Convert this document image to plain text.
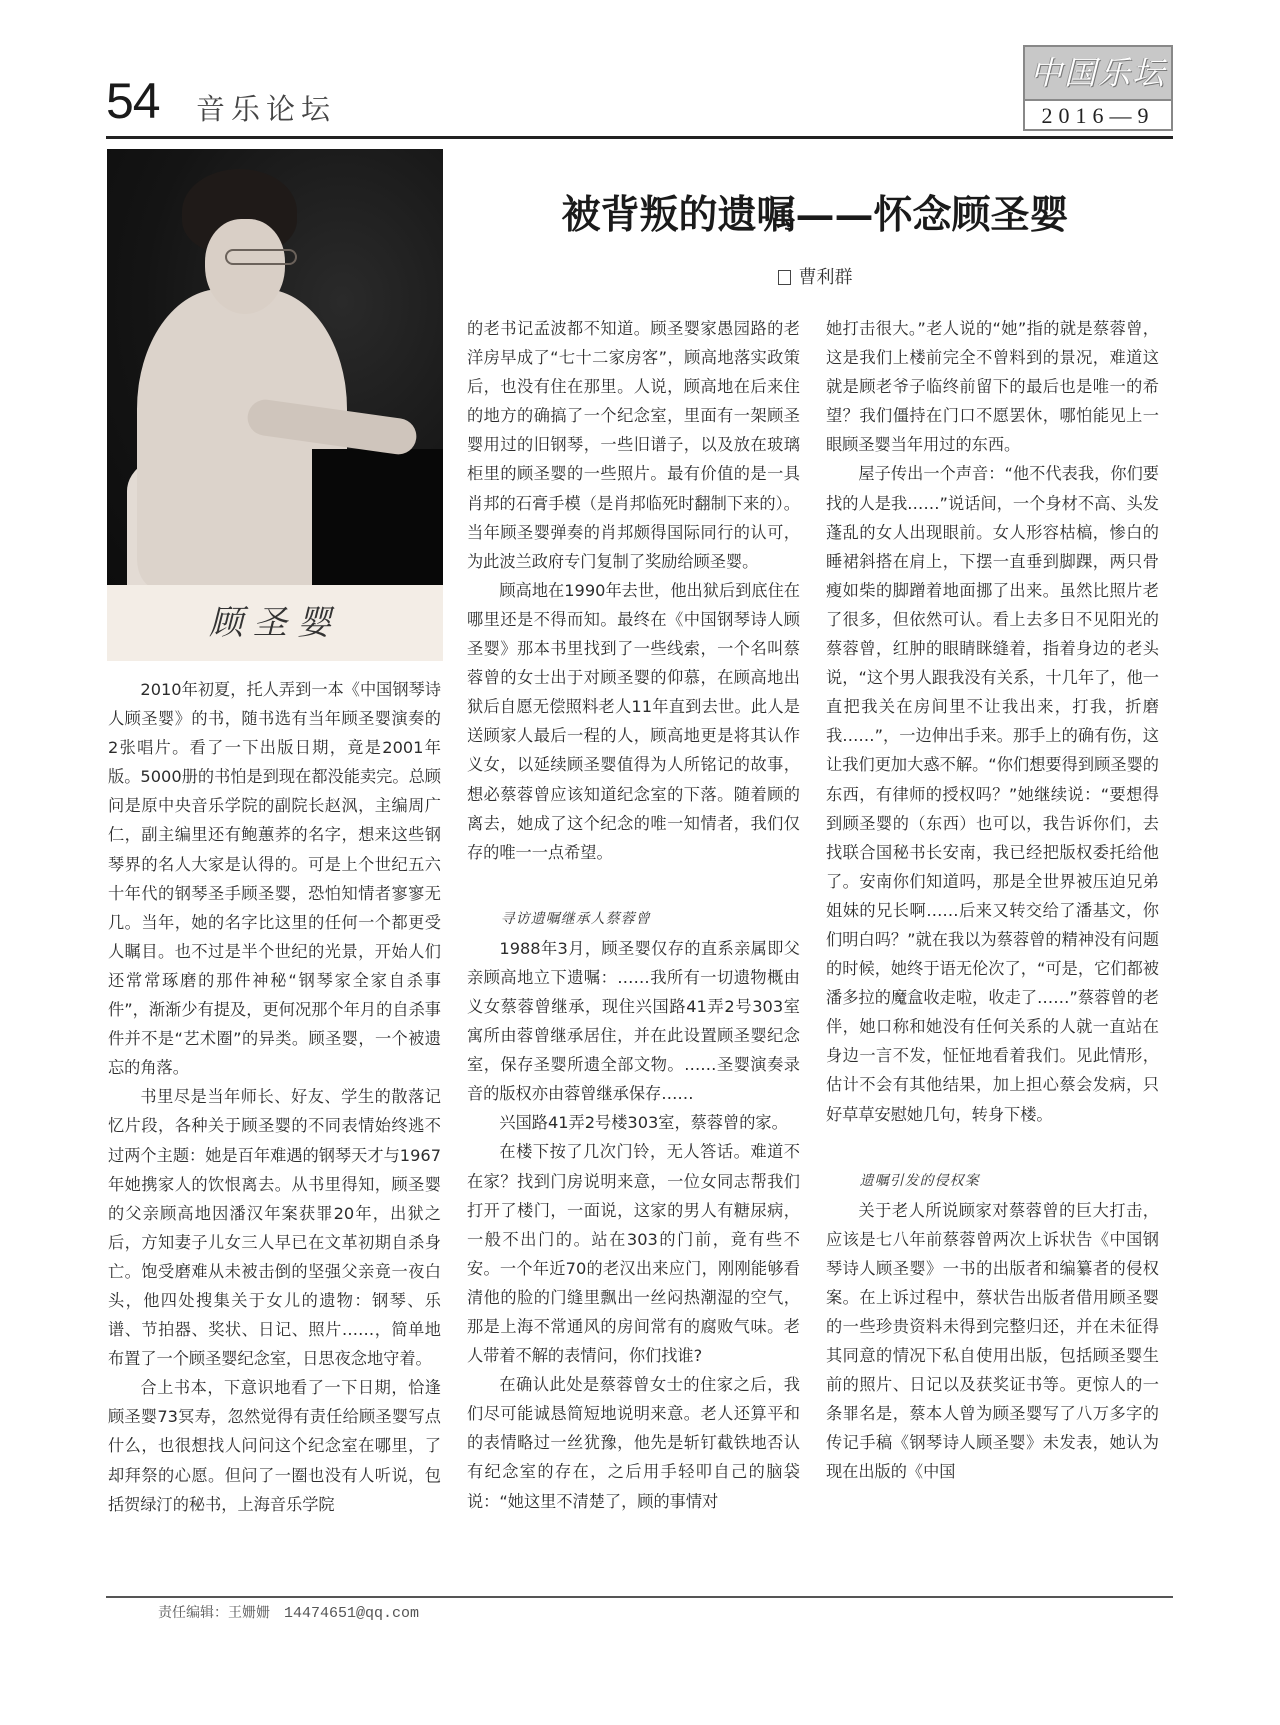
54 音乐论坛
中国乐坛
2016—9
顾圣婴
被背叛的遗嘱——怀念顾圣婴
曹利群

2010年初夏，托人弄到一本《中国钢琴诗人顾圣婴》的书，随书选有当年顾圣婴演奏的2张唱片。看了一下出版日期，竟是2001年版。5000册的书怕是到现在都没能卖完。总顾问是原中央音乐学院的副院长赵沨，主编周广仁，副主编里还有鲍蕙荞的名字，想来这些钢琴界的名人大家是认得的。可是上个世纪五六十年代的钢琴圣手顾圣婴，恐怕知情者寥寥无几。当年，她的名字比这里的任何一个都更受人瞩目。也不过是半个世纪的光景，开始人们还常常琢磨的那件神秘“钢琴家全家自杀事件”，渐渐少有提及，更何况那个年月的自杀事件并不是“艺术圈”的异类。顾圣婴，一个被遗忘的角落。

书里尽是当年师长、好友、学生的散落记忆片段，各种关于顾圣婴的不同表情始终逃不过两个主题：她是百年难遇的钢琴天才与1967年她携家人的饮恨离去。从书里得知，顾圣婴的父亲顾高地因潘汉年案获罪20年，出狱之后，方知妻子儿女三人早已在文革初期自杀身亡。饱受磨难从未被击倒的坚强父亲竟一夜白头，他四处搜集关于女儿的遗物：钢琴、乐谱、节拍器、奖状、日记、照片……，简单地布置了一个顾圣婴纪念室，日思夜念地守着。

合上书本，下意识地看了一下日期，恰逢顾圣婴73冥寿，忽然觉得有责任给顾圣婴写点什么，也很想找人问问这个纪念室在哪里，了却拜祭的心愿。但问了一圈也没有人听说，包括贺绿汀的秘书，上海音乐学院

的老书记孟波都不知道。顾圣婴家愚园路的老洋房早成了“七十二家房客”，顾高地落实政策后，也没有住在那里。人说，顾高地在后来住的地方的确搞了一个纪念室，里面有一架顾圣婴用过的旧钢琴，一些旧谱子，以及放在玻璃柜里的顾圣婴的一些照片。最有价值的是一具肖邦的石膏手模（是肖邦临死时翻制下来的）。当年顾圣婴弹奏的肖邦颇得国际同行的认可，为此波兰政府专门复制了奖励给顾圣婴。

顾高地在1990年去世，他出狱后到底住在哪里还是不得而知。最终在《中国钢琴诗人顾圣婴》那本书里找到了一些线索，一个名叫蔡蓉曾的女士出于对顾圣婴的仰慕，在顾高地出狱后自愿无偿照料老人11年直到去世。此人是送顾家人最后一程的人，顾高地更是将其认作义女，以延续顾圣婴值得为人所铭记的故事，想必蔡蓉曾应该知道纪念室的下落。随着顾的离去，她成了这个纪念的唯一知情者，我们仅存的唯一一点希望。

寻访遗嘱继承人蔡蓉曾

1988年3月，顾圣婴仅存的直系亲属即父亲顾高地立下遗嘱：……我所有一切遗物概由义女蔡蓉曾继承，现住兴国路41弄2号303室寓所由蓉曾继承居住，并在此设置顾圣婴纪念室，保存圣婴所遗全部文物。……圣婴演奏录音的版权亦由蓉曾继承保存……

兴国路41弄2号楼303室，蔡蓉曾的家。

在楼下按了几次门铃，无人答话。难道不在家？找到门房说明来意，一位女同志帮我们打开了楼门，一面说，这家的男人有糖尿病，一般不出门的。站在303的门前，竟有些不安。一个年近70的老汉出来应门，刚刚能够看清他的脸的门缝里飘出一丝闷热潮湿的空气，那是上海不常通风的房间常有的腐败气味。老人带着不解的表情问，你们找谁?

在确认此处是蔡蓉曾女士的住家之后，我们尽可能诚恳简短地说明来意。老人还算平和的表情略过一丝犹豫，他先是斩钉截铁地否认有纪念室的存在，之后用手轻叩自己的脑袋说：“她这里不清楚了，顾的事情对

她打击很大。”老人说的“她”指的就是蔡蓉曾，这是我们上楼前完全不曾料到的景况，难道这就是顾老爷子临终前留下的最后也是唯一的希望？我们僵持在门口不愿罢休，哪怕能见上一眼顾圣婴当年用过的东西。

屋子传出一个声音：“他不代表我，你们要找的人是我……”说话间，一个身材不高、头发蓬乱的女人出现眼前。女人形容枯槁，惨白的睡裙斜搭在肩上，下摆一直垂到脚踝，两只骨瘦如柴的脚蹭着地面挪了出来。虽然比照片老了很多，但依然可认。看上去多日不见阳光的蔡蓉曾，红肿的眼睛眯缝着，指着身边的老头说，“这个男人跟我没有关系，十几年了，他一直把我关在房间里不让我出来，打我，折磨我……”，一边伸出手来。那手上的确有伤，这让我们更加大惑不解。“你们想要得到顾圣婴的东西，有律师的授权吗？”她继续说：“要想得到顾圣婴的（东西）也可以，我告诉你们，去找联合国秘书长安南，我已经把版权委托给他了。安南你们知道吗，那是全世界被压迫兄弟姐妹的兄长啊……后来又转交给了潘基文，你们明白吗？”就在我以为蔡蓉曾的精神没有问题的时候，她终于语无伦次了，“可是，它们都被潘多拉的魔盒收走啦，收走了……”蔡蓉曾的老伴，她口称和她没有任何关系的人就一直站在身边一言不发，怔怔地看着我们。见此情形，估计不会有其他结果，加上担心蔡会发病，只好草草安慰她几句，转身下楼。

遗嘱引发的侵权案

关于老人所说顾家对蔡蓉曾的巨大打击，应该是七八年前蔡蓉曾两次上诉状告《中国钢琴诗人顾圣婴》一书的出版者和编纂者的侵权案。在上诉过程中，蔡状告出版者借用顾圣婴的一些珍贵资料未得到完整归还，并在未征得其同意的情况下私自使用出版，包括顾圣婴生前的照片、日记以及获奖证书等。更惊人的一条罪名是，蔡本人曾为顾圣婴写了八万多字的传记手稿《钢琴诗人顾圣婴》未发表，她认为现在出版的《中国

责任编辑：王姗姗 14474651@qq.com
